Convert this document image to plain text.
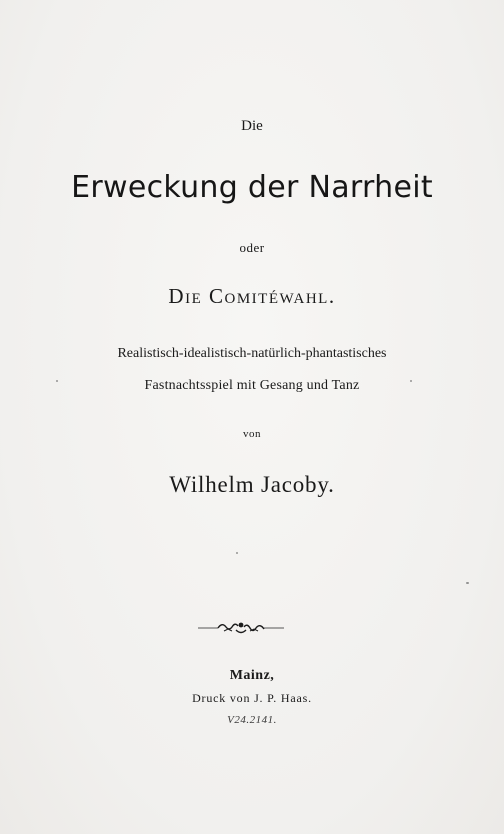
Die
Erweckung der Narrheit
oder
Die Comitéwahl.
Realistisch-idealistisch-natürlich-phantastisches
Fastnachtsspiel mit Gesang und Tanz
von
Wilhelm Jacoby.
Mainz,
Druck von J. P. Haas.
V24.2141.
